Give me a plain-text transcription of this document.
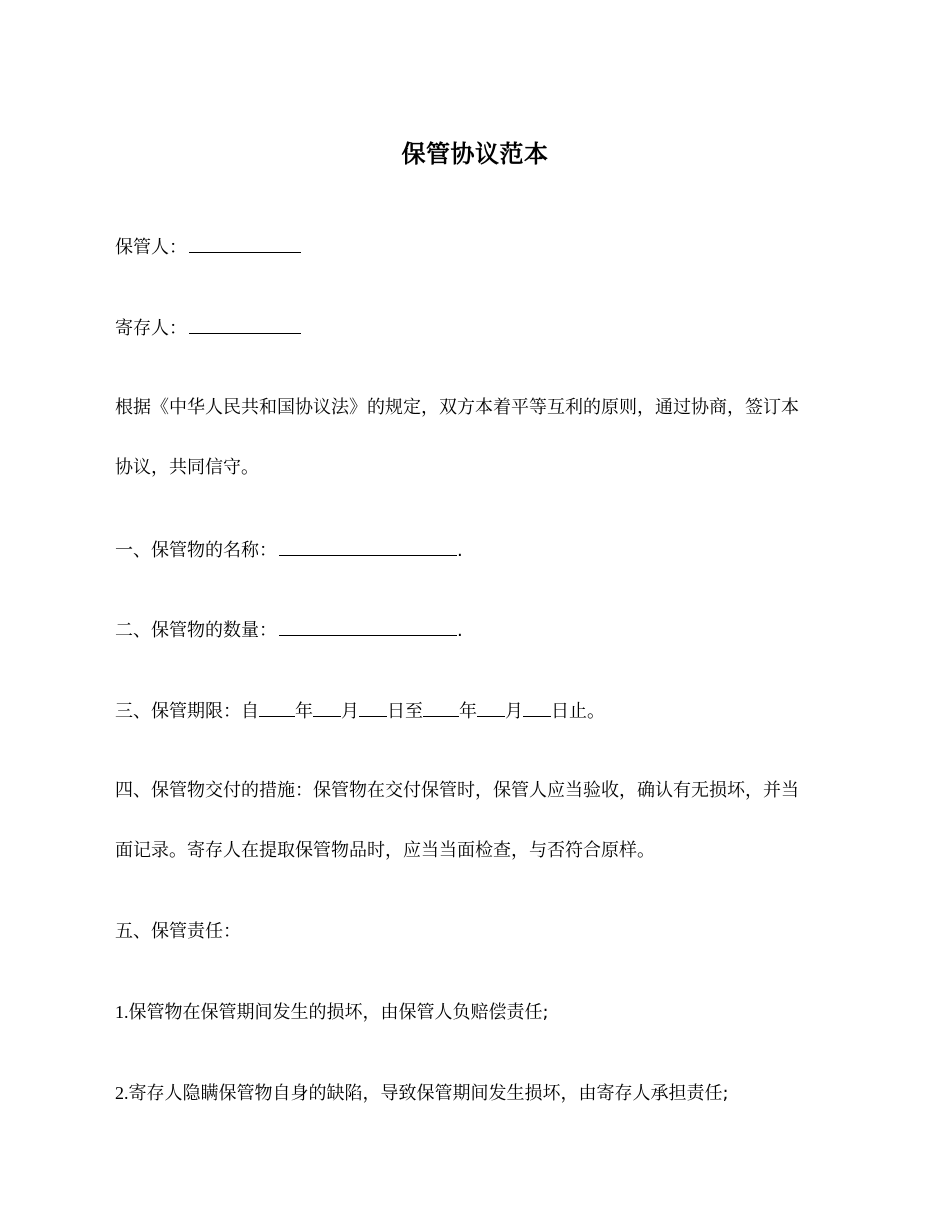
保管协议范本
保管人：
寄存人：
根据《中华人民共和国协议法》的规定，双方本着平等互利的原则，通过协商，签订本
协议，共同信守。
一、保管物的名称：	.
二、保管物的数量：	.
三、保管期限：自 年 月 日至 年 月 日止。
四、保管物交付的措施：保管物在交付保管时，保管人应当验收，确认有无损坏，并当
面记录。寄存人在提取保管物品时，应当当面检查，与否符合原样。
五、保管责任：
1.保管物在保管期间发生的损坏，由保管人负赔偿责任;
2.寄存人隐瞒保管物自身的缺陷，导致保管期间发生损坏，由寄存人承担责任;
